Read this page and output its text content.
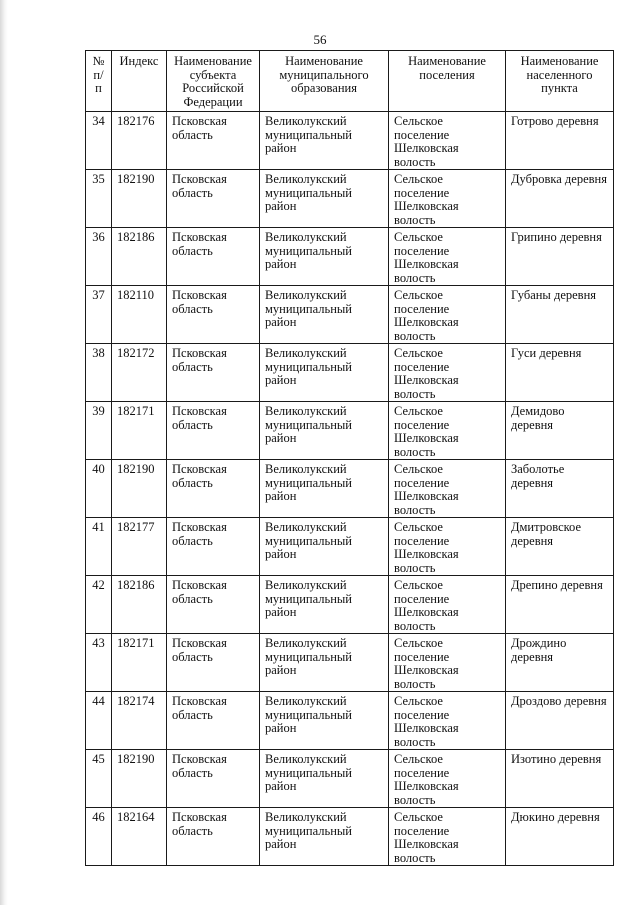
56
№ п/п	Индекс	Наименование субъекта Российской Федерации	Наименование муниципального образования	Наименование поселения	Наименование населенного пункта
34	182176	Псковская область	Великолукский муниципальный район	Сельское поселение Шелковская волость	Готрово деревня
35	182190	Псковская область	Великолукский муниципальный район	Сельское поселение Шелковская волость	Дубровка деревня
36	182186	Псковская область	Великолукский муниципальный район	Сельское поселение Шелковская волость	Грипино деревня
37	182110	Псковская область	Великолукский муниципальный район	Сельское поселение Шелковская волость	Губаны деревня
38	182172	Псковская область	Великолукский муниципальный район	Сельское поселение Шелковская волость	Гуси деревня
39	182171	Псковская область	Великолукский муниципальный район	Сельское поселение Шелковская волость	Демидово деревня
40	182190	Псковская область	Великолукский муниципальный район	Сельское поселение Шелковская волость	Заболотье деревня
41	182177	Псковская область	Великолукский муниципальный район	Сельское поселение Шелковская волость	Дмитровское деревня
42	182186	Псковская область	Великолукский муниципальный район	Сельское поселение Шелковская волость	Дрепино деревня
43	182171	Псковская область	Великолукский муниципальный район	Сельское поселение Шелковская волость	Дрождино деревня
44	182174	Псковская область	Великолукский муниципальный район	Сельское поселение Шелковская волость	Дроздово деревня
45	182190	Псковская область	Великолукский муниципальный район	Сельское поселение Шелковская волость	Изотино деревня
46	182164	Псковская область	Великолукский муниципальный район	Сельское поселение Шелковская волость	Дюкино деревня
